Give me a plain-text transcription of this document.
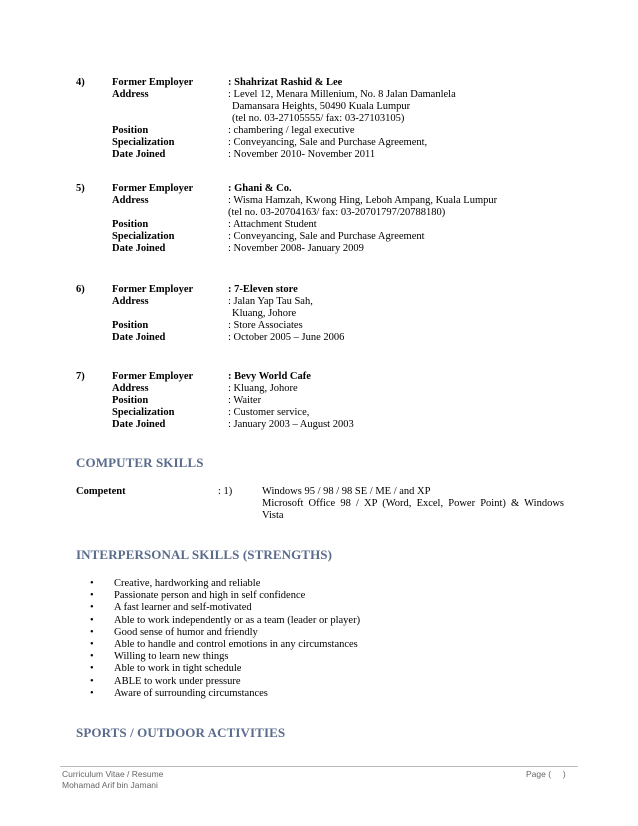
4)	Former Employer	: Shahrizat Rashid & Lee
Address	: Level 12, Menara Millenium, No. 8 Jalan Damanlela
Damansara Heights, 50490 Kuala Lumpur
(tel no. 03-27105555/ fax: 03-27103105)
Position	: chambering / legal executive
Specialization	: Conveyancing, Sale and Purchase Agreement,
Date Joined	: November 2010- November 2011
5)	Former Employer	: Ghani & Co.
Address	: Wisma Hamzah, Kwong Hing, Leboh Ampang, Kuala Lumpur
(tel no. 03-20704163/ fax: 03-20701797/20788180)
Position	: Attachment Student
Specialization	: Conveyancing, Sale and Purchase Agreement
Date Joined	: November 2008- January 2009
6)	Former Employer	: 7-Eleven store
Address	: Jalan Yap Tau Sah,
Kluang, Johore
Position	: Store Associates
Date Joined	: October 2005 – June 2006
7)	Former Employer	: Bevy World Cafe
Address	: Kluang, Johore
Position	: Waiter
Specialization	: Customer service,
Date Joined	: January 2003 – August 2003
COMPUTER SKILLS
Competent	: 1)	Windows 95 / 98 / 98 SE / ME / and XP
Microsoft Office 98 / XP (Word, Excel, Power Point) & Windows
Vista
INTERPERSONAL SKILLS (STRENGTHS)
• Creative, hardworking and reliable
• Passionate person and high in self confidence
• A fast learner and self-motivated
• Able to work independently or as a team (leader or player)
• Good sense of humor and friendly
• Able to handle and control emotions in any circumstances
• Willing to learn new things
• Able to work in tight schedule
• ABLE to work under pressure
• Aware of surrounding circumstances
SPORTS / OUTDOOR ACTIVITIES
Curriculum Vitae / Resume
Mohamad Arif bin Jamani
Page (     )
